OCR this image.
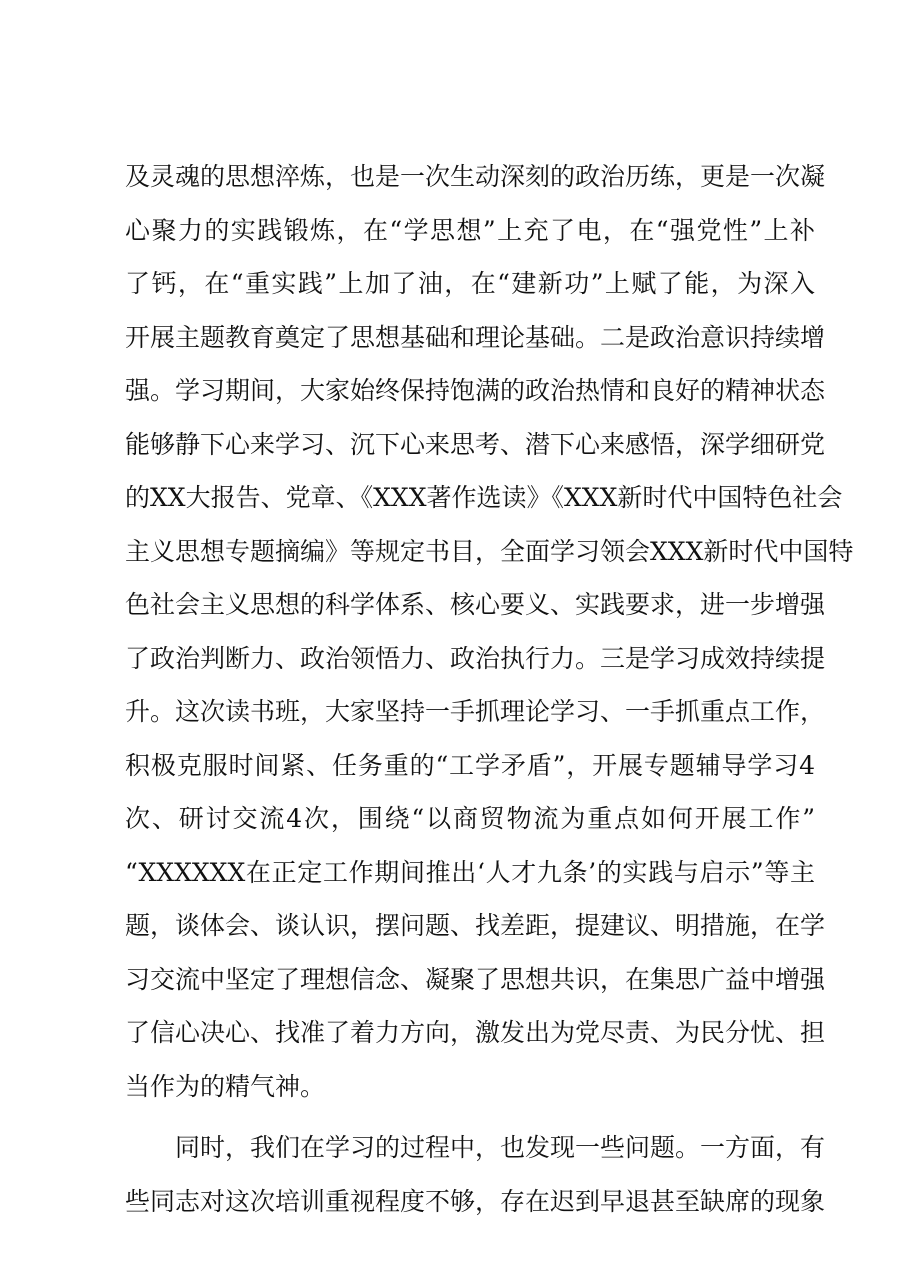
及灵魂的思想淬炼，也是一次生动深刻的政治历练，更是一次凝
心聚力的实践锻炼，在“学思想”上充了电，在“强党性”上补
了钙，在“重实践”上加了油，在“建新功”上赋了能，为深入
开展主题教育奠定了思想基础和理论基础。二是政治意识持续增
强。学习期间，大家始终保持饱满的政治热情和良好的精神状态
能够静下心来学习、沉下心来思考、潜下心来感悟，深学细研党
的XX大报告、党章、《XXX著作选读》《XXX新时代中国特色社会
主义思想专题摘编》等规定书目，全面学习领会XXX新时代中国特
色社会主义思想的科学体系、核心要义、实践要求，进一步增强
了政治判断力、政治领悟力、政治执行力。三是学习成效持续提
升。这次读书班，大家坚持一手抓理论学习、一手抓重点工作，
积极克服时间紧、任务重的“工学矛盾”，开展专题辅导学习4
次、研讨交流4次，围绕“以商贸物流为重点如何开展工作”
“XXXXXX在正定工作期间推出‘人才九条’的实践与启示”等主
题，谈体会、谈认识，摆问题、找差距，提建议、明措施，在学
习交流中坚定了理想信念、凝聚了思想共识，在集思广益中增强
了信心决心、找准了着力方向，激发出为党尽责、为民分忧、担
当作为的精气神。
同时，我们在学习的过程中，也发现一些问题。一方面，有
些同志对这次培训重视程度不够，存在迟到早退甚至缺席的现象
